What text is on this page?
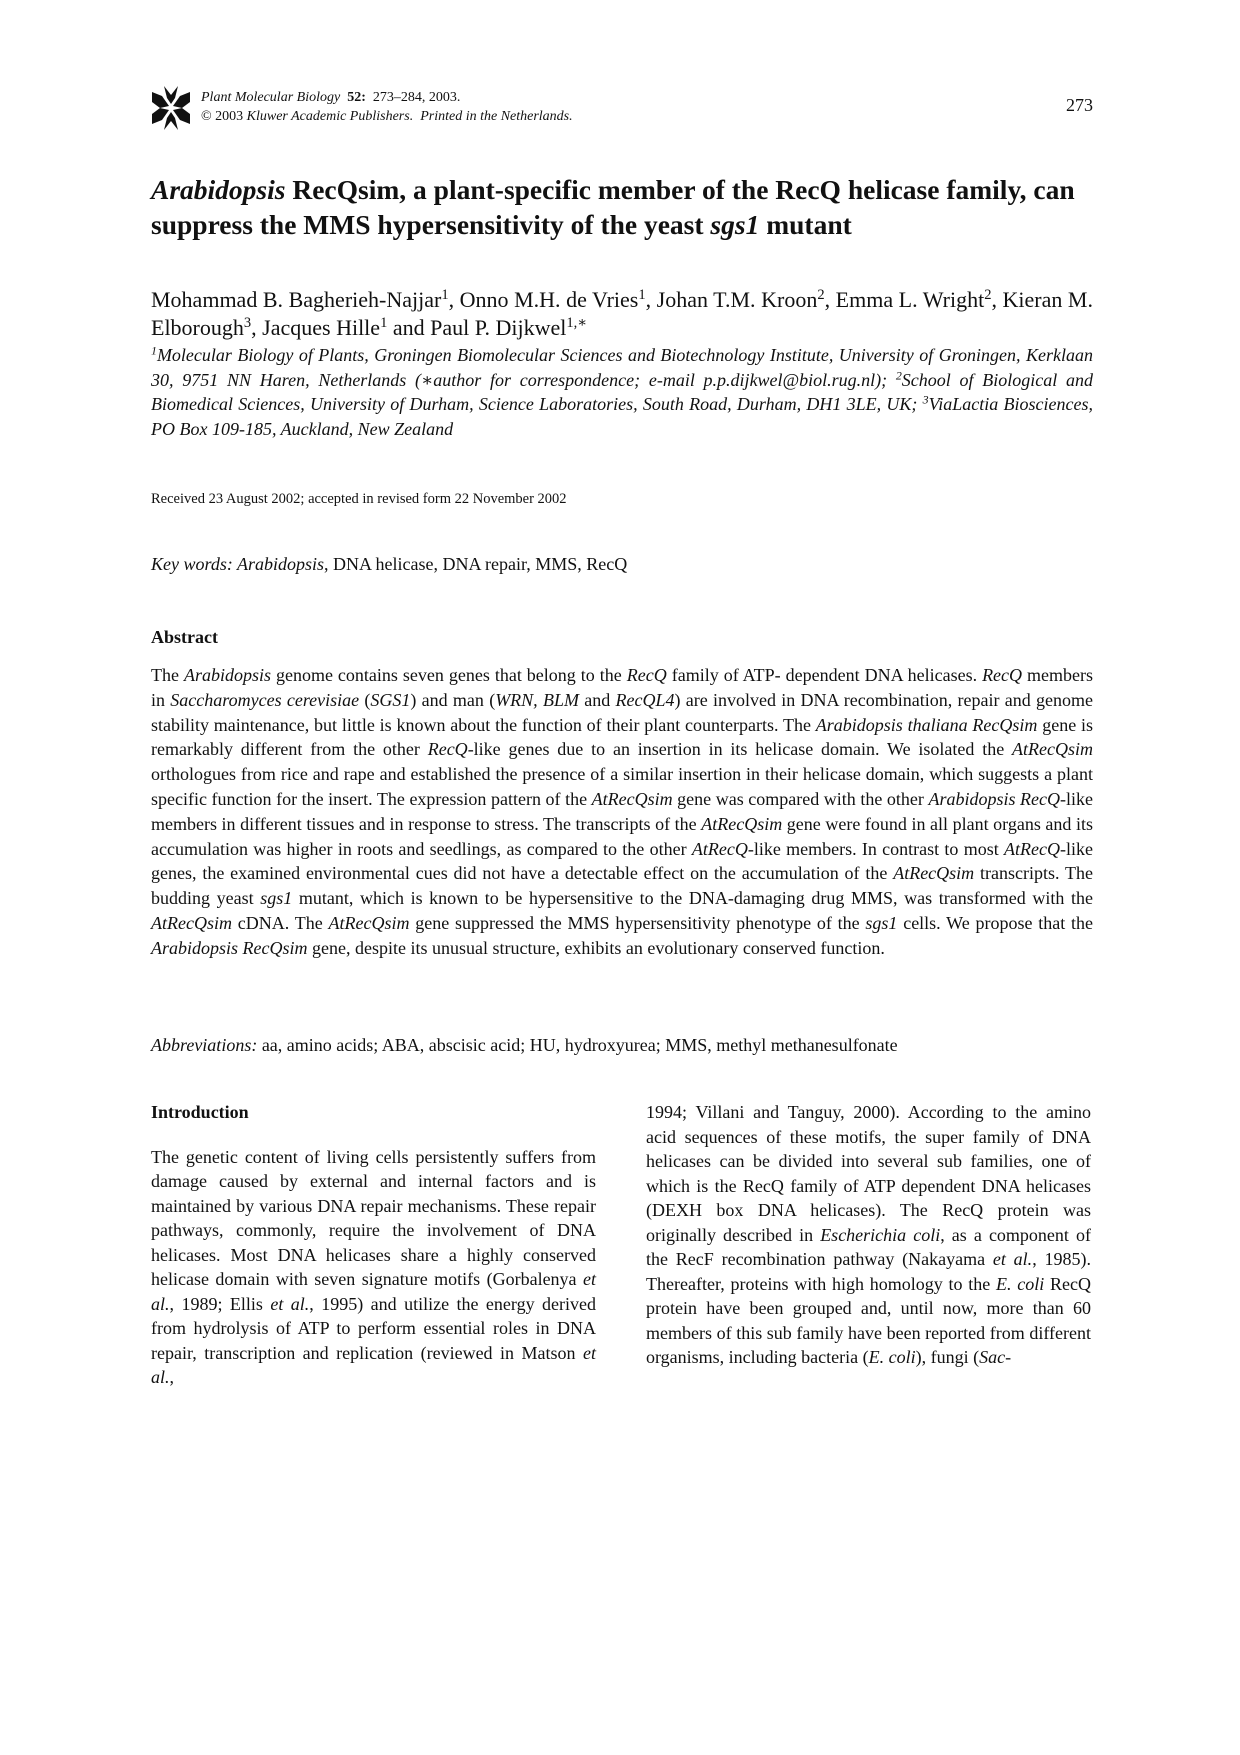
Plant Molecular Biology 52: 273–284, 2003.
© 2003 Kluwer Academic Publishers. Printed in the Netherlands.
273
Arabidopsis RecQsim, a plant-specific member of the RecQ helicase family, can suppress the MMS hypersensitivity of the yeast sgs1 mutant
Mohammad B. Bagherieh-Najjar$^1$, Onno M.H. de Vries$^1$, Johan T.M. Kroon$^2$, Emma L. Wright$^2$, Kieran M. Elborough$^3$, Jacques Hille$^1$ and Paul P. Dijkwel$^{1,∗}$
$^1$Molecular Biology of Plants, Groningen Biomolecular Sciences and Biotechnology Institute, University of Groningen, Kerklaan 30, 9751 NN Haren, Netherlands (∗author for correspondence; e-mail p.p.dijkwel@biol.rug.nl); $^2$School of Biological and Biomedical Sciences, University of Durham, Science Laboratories, South Road, Durham, DH1 3LE, UK; $^3$ViaLactia Biosciences, PO Box 109-185, Auckland, New Zealand
Received 23 August 2002; accepted in revised form 22 November 2002
Key words: Arabidopsis, DNA helicase, DNA repair, MMS, RecQ
Abstract

The Arabidopsis genome contains seven genes that belong to the RecQ family of ATP- dependent DNA helicases. RecQ members in Saccharomyces cerevisiae (SGS1) and man (WRN, BLM and RecQL4) are involved in DNA recombination, repair and genome stability maintenance, but little is known about the function of their plant counterparts. The Arabidopsis thaliana RecQsim gene is remarkably different from the other RecQ-like genes due to an insertion in its helicase domain. We isolated the AtRecQsim orthologues from rice and rape and established the presence of a similar insertion in their helicase domain, which suggests a plant specific function for the insert. The expression pattern of the AtRecQsim gene was compared with the other Arabidopsis RecQ-like members in different tissues and in response to stress. The transcripts of the AtRecQsim gene were found in all plant organs and its accumulation was higher in roots and seedlings, as compared to the other AtRecQ-like members. In contrast to most AtRecQ-like genes, the examined environmental cues did not have a detectable effect on the accumulation of the AtRecQsim transcripts. The budding yeast sgs1 mutant, which is known to be hypersensitive to the DNA-damaging drug MMS, was transformed with the AtRecQsim cDNA. The AtRecQsim gene suppressed the MMS hypersensitivity phenotype of the sgs1 cells. We propose that the Arabidopsis RecQsim gene, despite its unusual structure, exhibits an evolutionary conserved function.

Abbreviations: aa, amino acids; ABA, abscisic acid; HU, hydroxyurea; MMS, methyl methanesulfonate
Introduction

The genetic content of living cells persistently suffers from damage caused by external and internal factors and is maintained by various DNA repair mechanisms. These repair pathways, commonly, require the involvement of DNA helicases. Most DNA helicases share a highly conserved helicase domain with seven signature motifs (Gorbalenya et al., 1989; Ellis et al., 1995) and utilize the energy derived from hydrolysis of ATP to perform essential roles in DNA repair, transcription and replication (reviewed in Matson et al.,

1994; Villani and Tanguy, 2000). According to the amino acid sequences of these motifs, the super family of DNA helicases can be divided into several sub families, one of which is the RecQ family of ATP dependent DNA helicases (DEXH box DNA helicases). The RecQ protein was originally described in Escherichia coli, as a component of the RecF recombination pathway (Nakayama et al., 1985). Thereafter, proteins with high homology to the E. coli RecQ protein have been grouped and, until now, more than 60 members of this sub family have been reported from different organisms, including bacteria (E. coli), fungi (Sac-
